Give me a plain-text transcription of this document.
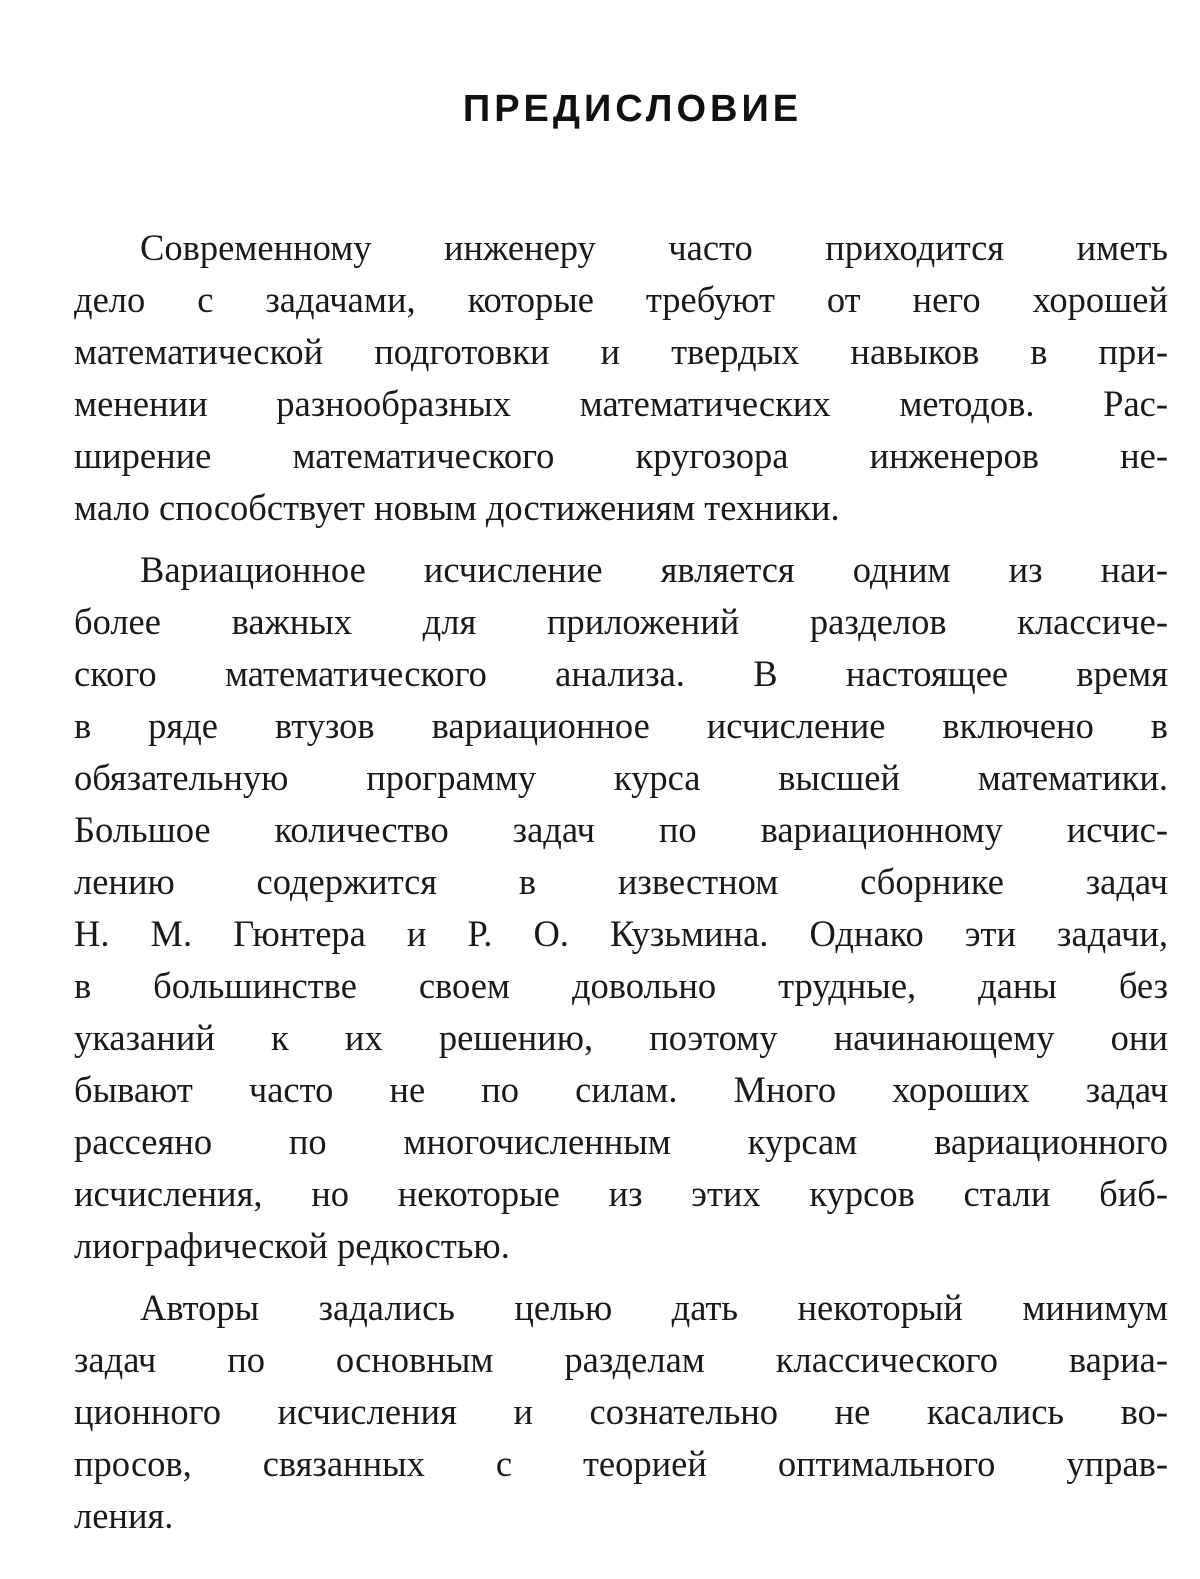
ПРЕДИСЛОВИЕ
Современному инженеру часто приходится иметь
дело с задачами, которые требуют от него хорошей
математической подготовки и твердых навыков в при-
менении разнообразных математических методов. Рас-
ширение математического кругозора инженеров не-
мало способствует новым достижениям техники.
Вариационное исчисление является одним из наи-
более важных для приложений разделов классиче-
ского математического анализа. В настоящее время
в ряде втузов вариационное исчисление включено в
обязательную программу курса высшей математики.
Большое количество задач по вариационному исчис-
лению содержится в известном сборнике задач
Н. М. Гюнтера и Р. О. Кузьмина. Однако эти задачи,
в большинстве своем довольно трудные, даны без
указаний к их решению, поэтому начинающему они
бывают часто не по силам. Много хороших задач
рассеяно по многочисленным курсам вариационного
исчисления, но некоторые из этих курсов стали биб-
лиографической редкостью.
Авторы задались целью дать некоторый минимум
задач по основным разделам классического вариа-
ционного исчисления и сознательно не касались во-
просов, связанных с теорией оптимального управ-
ления.
